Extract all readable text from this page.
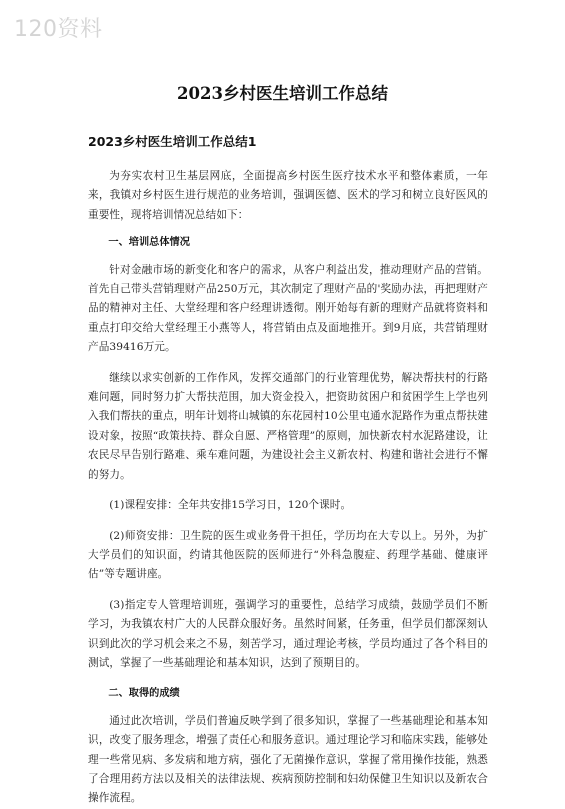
120资料
2023乡村医生培训工作总结
2023乡村医生培训工作总结1

为夯实农村卫生基层网底，全面提高乡村医生医疗技术水平和整体素质，一年来，我镇对乡村医生进行规范的业务培训，强调医德、医术的学习和树立良好医风的重要性，现将培训情况总结如下：

一、培训总体情况

针对金融市场的新变化和客户的需求，从客户利益出发，推动理财产品的营销。首先自己带头营销理财产品250万元，其次制定了理财产品的'奖励办法，再把理财产品的精神对主任、大堂经理和客户经理讲透彻。刚开始每有新的理财产品就将资料和重点打印交给大堂经理王小燕等人，将营销由点及面地推开。到9月底，共营销理财产品39416万元。

继续以求实创新的工作作风，发挥交通部门的行业管理优势，解决帮扶村的行路难问题，同时努力扩大帮扶范围，加大资金投入，把资助贫困户和贫困学生上学也列入我们帮扶的重点，明年计划将山城镇的东花园村10公里屯通水泥路作为重点帮扶建设对象，按照“政策扶持、群众自愿、严格管理”的原则，加快新农村水泥路建设，让农民尽早告别行路难、乘车难问题，为建设社会主义新农村、构建和谐社会进行不懈的努力。

(1)课程安排：全年共安排15学习日，120个课时。

(2)师资安排：卫生院的医生或业务骨干担任，学历均在大专以上。另外，为扩大学员们的知识面，约请其他医院的医师进行“外科急腹症、药理学基础、健康评估”等专题讲座。

(3)指定专人管理培训班，强调学习的重要性，总结学习成绩，鼓励学员们不断学习，为我镇农村广大的人民群众服好务。虽然时间紧，任务重，但学员们都深刻认识到此次的学习机会来之不易，刻苦学习，通过理论考核，学员均通过了各个科目的测试，掌握了一些基础理论和基本知识，达到了预期目的。

二、取得的成绩

通过此次培训，学员们普遍反映学到了很多知识，掌握了一些基础理论和基本知识，改变了服务理念，增强了责任心和服务意识。通过理论学习和临床实践，能够处理一些常见病、多发病和地方病，强化了无菌操作意识，掌握了常用操作技能，熟悉了合理用药方法以及相关的法律法规、疾病预防控制和妇幼保健卫生知识以及新农合操作流程。
